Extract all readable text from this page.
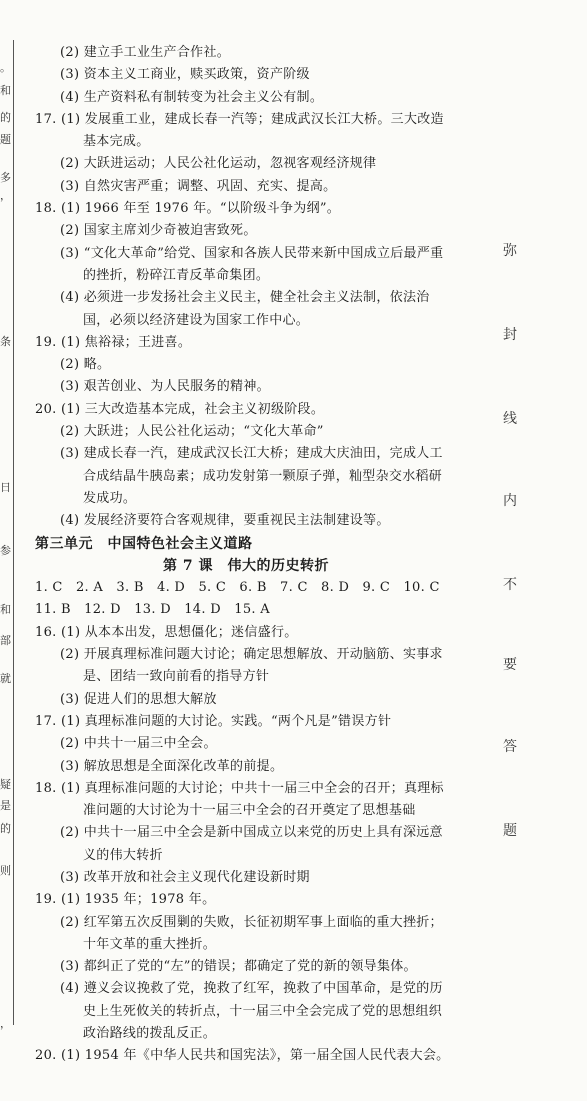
。
和
的
题
多
，
条
日
参
和
部
就
疑
是
的
则
，
(2) 建立手工业生产合作社。
(3) 资本主义工商业，赎买政策，资产阶级
(4) 生产资料私有制转变为社会主义公有制。
17. (1) 发展重工业，建成长春一汽等；建成武汉长江大桥。三大改造
基本完成。
(2) 大跃进运动；人民公社化运动，忽视客观经济规律
(3) 自然灾害严重；调整、巩固、充实、提高。
18. (1) 1966 年至 1976 年。“以阶级斗争为纲”。
(2) 国家主席刘少奇被迫害致死。
(3) “文化大革命”给党、国家和各族人民带来新中国成立后最严重
的挫折，粉碎江青反革命集团。
(4) 必须进一步发扬社会主义民主，健全社会主义法制，依法治
国，必须以经济建设为国家工作中心。
19. (1) 焦裕禄；王进喜。
(2) 略。
(3) 艰苦创业、为人民服务的精神。
20. (1) 三大改造基本完成，社会主义初级阶段。
(2) 大跃进；人民公社化运动；“文化大革命”
(3) 建成长春一汽，建成武汉长江大桥；建成大庆油田，完成人工
合成结晶牛胰岛素；成功发射第一颗原子弹，籼型杂交水稻研
发成功。
(4) 发展经济要符合客观规律，要重视民主法制建设等。
第三单元　中国特色社会主义道路
第 7 课　伟大的历史转折
1. C　2. A　3. B　4. D　5. C　6. B　7. C　8. D　9. C　10. C
11. B　12. D　13. D　14. D　15. A
16. (1) 从本本出发，思想僵化；迷信盛行。
(2) 开展真理标准问题大讨论；确定思想解放、开动脑筋、实事求
是、团结一致向前看的指导方针
(3) 促进人们的思想大解放
17. (1) 真理标准问题的大讨论。实践。“两个凡是”错误方针
(2) 中共十一届三中全会。
(3) 解放思想是全面深化改革的前提。
18. (1) 真理标准问题的大讨论；中共十一届三中全会的召开；真理标
准问题的大讨论为十一届三中全会的召开奠定了思想基础
(2) 中共十一届三中全会是新中国成立以来党的历史上具有深远意
义的伟大转折
(3) 改革开放和社会主义现代化建设新时期
19. (1) 1935 年；1978 年。
(2) 红军第五次反围剿的失败，长征初期军事上面临的重大挫折；
十年文革的重大挫折。
(3) 都纠正了党的“左”的错误；都确定了党的新的领导集体。
(4) 遵义会议挽救了党，挽救了红军，挽救了中国革命，是党的历
史上生死攸关的转折点，十一届三中全会完成了党的思想组织
政治路线的拨乱反正。
20. (1) 1954 年《中华人民共和国宪法》，第一届全国人民代表大会。
弥
封
线
内
不
要
答
题
